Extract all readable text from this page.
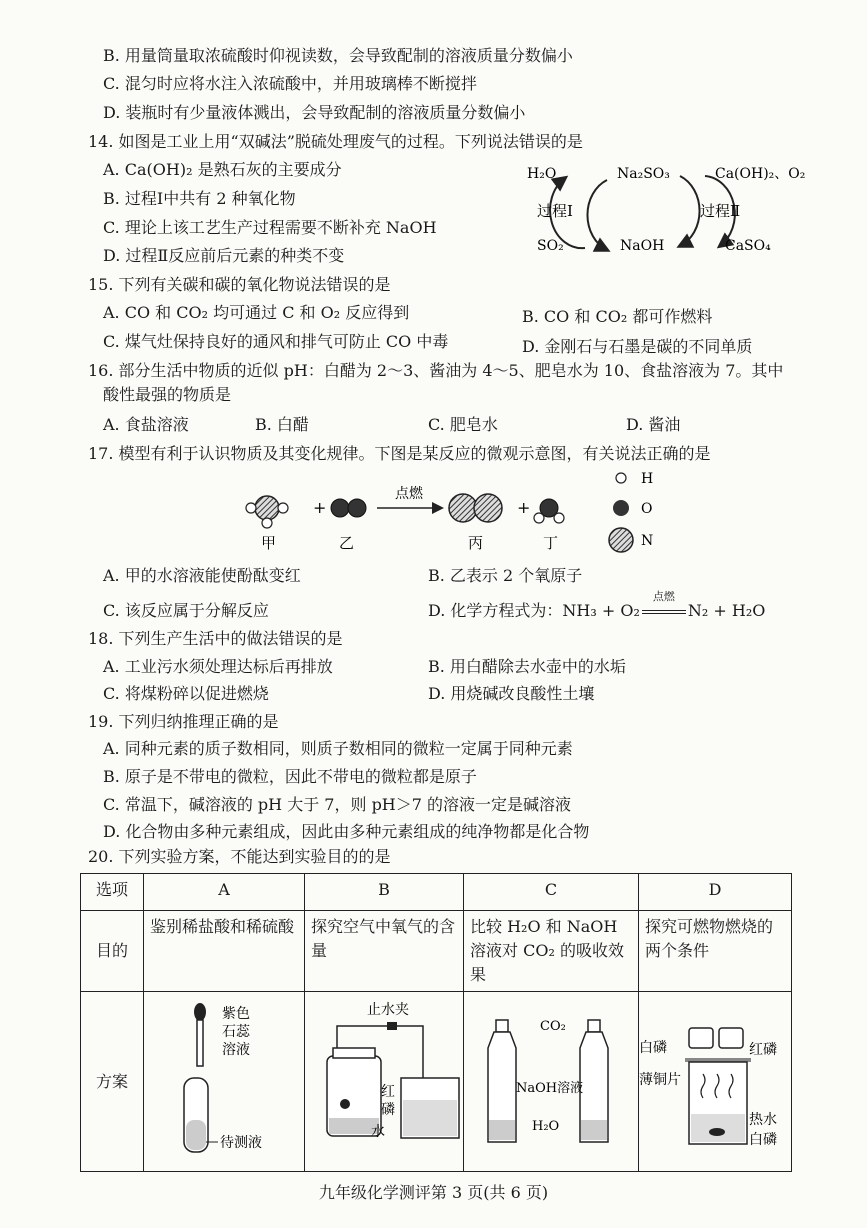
B. 用量筒量取浓硫酸时仰视读数，会导致配制的溶液质量分数偏小
C. 混匀时应将水注入浓硫酸中，并用玻璃棒不断搅拌
D. 装瓶时有少量液体溅出，会导致配制的溶液质量分数偏小
14. 如图是工业上用“双碱法”脱硫处理废气的过程。下列说法错误的是
A. Ca(OH)₂ 是熟石灰的主要成分
B. 过程Ⅰ中共有 2 种氧化物
C. 理论上该工艺生产过程需要不断补充 NaOH
D. 过程Ⅱ反应前后元素的种类不变
H₂O	Na₂SO₃	Ca(OH)₂、O₂
过程Ⅰ	过程Ⅱ
SO₂	NaOH	CaSO₄
15. 下列有关碳和碳的氧化物说法错误的是
A. CO 和 CO₂ 均可通过 C 和 O₂ 反应得到	B. CO 和 CO₂ 都可作燃料
C. 煤气灶保持良好的通风和排气可防止 CO 中毒	D. 金刚石与石墨是碳的不同单质
16. 部分生活中物质的近似 pH：白醋为 2～3、酱油为 4～5、肥皂水为 10、食盐溶液为 7。其中
酸性最强的物质是
A. 食盐溶液	B. 白醋	C. 肥皂水	D. 酱油
17. 模型有利于认识物质及其变化规律。下图是某反应的微观示意图，有关说法正确的是
+
点燃
+
甲	乙	丙	丁
H
O
N
A. 甲的水溶液能使酚酞变红	B. 乙表示 2 个氧原子
C. 该反应属于分解反应	D. 化学方程式为：NH₃ + O₂
点燃
N₂ + H₂O
18. 下列生产生活中的做法错误的是
A. 工业污水须处理达标后再排放	B. 用白醋除去水壶中的水垢
C. 将煤粉碎以促进燃烧	D. 用烧碱改良酸性土壤
19. 下列归纳推理正确的是
A. 同种元素的质子数相同，则质子数相同的微粒一定属于同种元素
B. 原子是不带电的微粒，因此不带电的微粒都是原子
C. 常温下，碱溶液的 pH 大于 7，则 pH＞7 的溶液一定是碱溶液
D. 化合物由多种元素组成，因此由多种元素组成的纯净物都是化合物
20. 下列实验方案，不能达到实验目的的是
选项	A	B	C	D
目的	鉴别稀盐酸和稀硫酸	探究空气中氧气的含量	比较 H₂O 和 NaOH 溶液对 CO₂ 的吸收效果	探究可燃物燃烧的两个条件
方案	紫色
石蕊
溶液
待测液	止水夹
红
磷
水	CO₂
NaOH溶液
H₂O	白磷 红磷
薄铜片
热水
白磷
九年级化学测评第 3 页(共 6 页)
